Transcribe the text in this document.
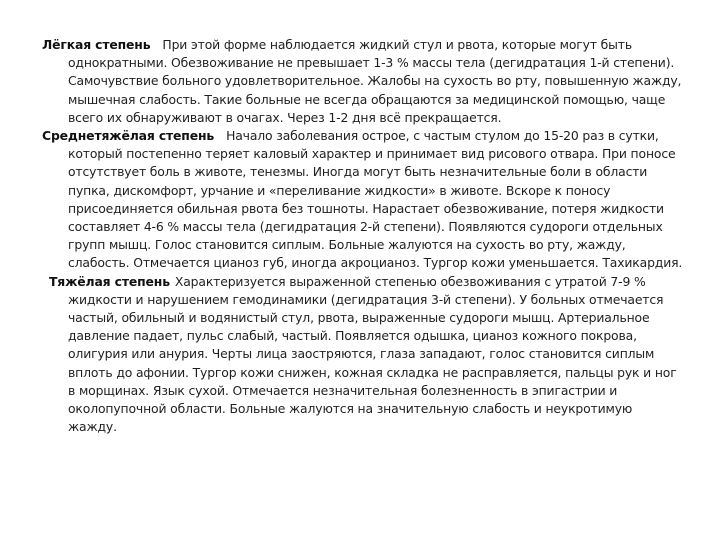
Лёгкая степень При этой форме наблюдается жидкий стул и рвота, которые могут быть однократными. Обезвоживание не превышает 1-3 % массы тела (дегидратация 1-й степени). Самочувствие больного удовлетворительное. Жалобы на сухость во рту, повышенную жажду, мышечная слабость. Такие больные не всегда обращаются за медицинской помощью, чаще всего их обнаруживают в очагах. Через 1-2 дня всё прекращается.

Среднетяжёлая степень Начало заболевания острое, с частым стулом до 15-20 раз в сутки, который постепенно теряет каловый характер и принимает вид рисового отвара. При поносе отсутствует боль в животе, тенезмы. Иногда могут быть незначительные боли в области пупка, дискомфорт, урчание и «переливание жидкости» в животе. Вскоре к поносу присоединяется обильная рвота без тошноты. Нарастает обезвоживание, потеря жидкости составляет 4-6 % массы тела (дегидратация 2-й степени). Появляются судороги отдельных групп мышц. Голос становится сиплым. Больные жалуются на сухость во рту, жажду, слабость. Отмечается цианоз губ, иногда акроцианоз. Тургор кожи уменьшается. Тахикардия.

Тяжёлая степень Характеризуется выраженной степенью обезвоживания с утратой 7-9 % жидкости и нарушением гемодинамики (дегидратация 3-й степени). У больных отмечается частый, обильный и водянистый стул, рвота, выраженные судороги мышц. Артериальное давление падает, пульс слабый, частый. Появляется одышка, цианоз кожного покрова, олигурия или анурия. Черты лица заостряются, глаза западают, голос становится сиплым вплоть до афонии. Тургор кожи снижен, кожная складка не расправляется, пальцы рук и ног в морщинах. Язык сухой. Отмечается незначительная болезненность в эпигастрии и околопупочной области. Больные жалуются на значительную слабость и неукротимую жажду.
